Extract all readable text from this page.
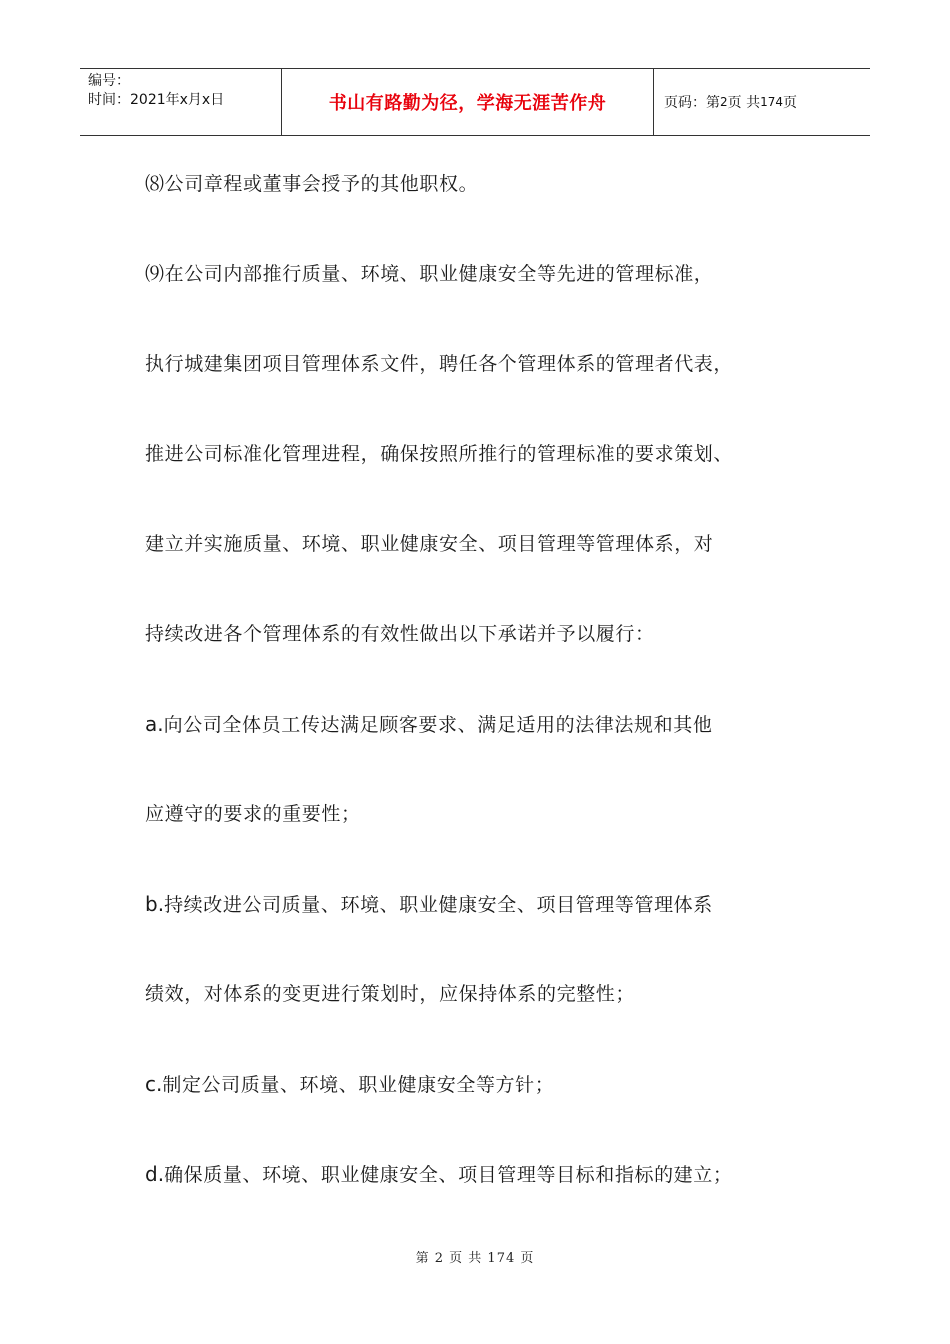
编号：
时间：2021年x月x日	书山有路勤为径，学海无涯苦作舟	页码：第 2 页 共 174 页
⑻公司章程或董事会授予的其他职权。
⑼在公司内部推行质量、环境、职业健康安全等先进的管理标准，
执行城建集团项目管理体系文件，聘任各个管理体系的管理者代表，
推进公司标准化管理进程，确保按照所推行的管理标准的要求策划、
建立并实施质量、环境、职业健康安全、项目管理等管理体系，对
持续改进各个管理体系的有效性做出以下承诺并予以履行：
a.向公司全体员工传达满足顾客要求、满足适用的法律法规和其他
应遵守的要求的重要性；
b.持续改进公司质量、环境、职业健康安全、项目管理等管理体系
绩效，对体系的变更进行策划时，应保持体系的完整性；
c.制定公司质量、环境、职业健康安全等方针；
d.确保质量、环境、职业健康安全、项目管理等目标和指标的建立；
第 2 页 共 174 页
